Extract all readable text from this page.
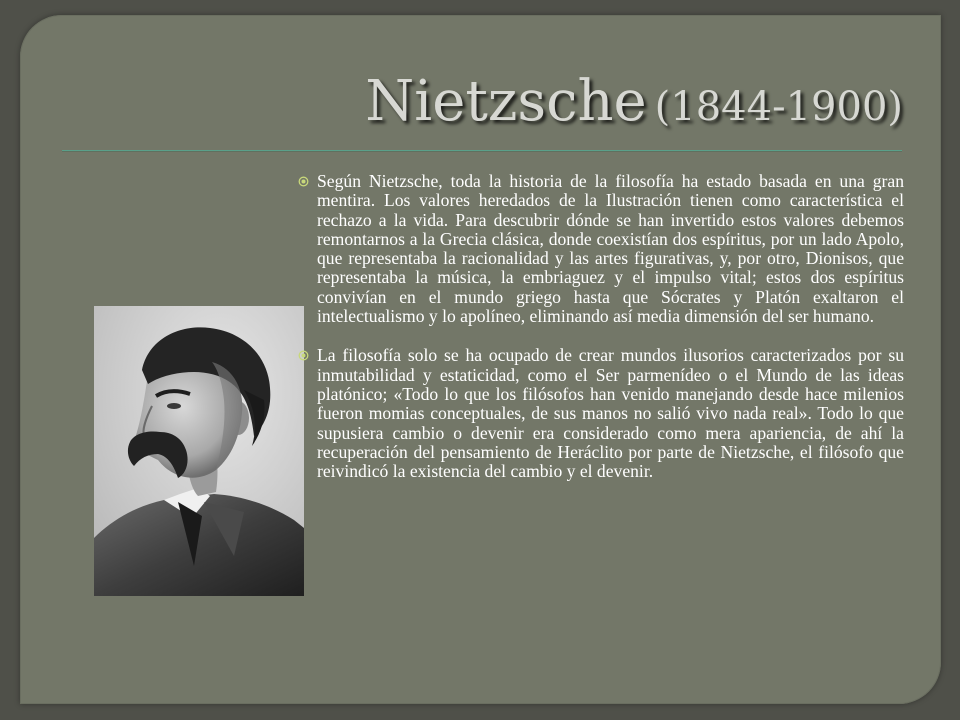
Nietzsche (1844-1900)
Según Nietzsche, toda la historia de la filosofía ha estado basada en una gran mentira. Los valores heredados de la Ilustración tienen como característica el rechazo a la vida. Para descubrir dónde se han invertido estos valores debemos remontarnos a la Grecia clásica, donde coexistían dos espíritus, por un lado Apolo, que representaba la racionalidad y las artes figurativas, y, por otro, Dionisos, que representaba la música, la embriaguez y el impulso vital; estos dos espíritus convivían en el mundo griego hasta que Sócrates y Platón exaltaron el intelectualismo y lo apolíneo, eliminando así media dimensión del ser humano.
La filosofía solo se ha ocupado de crear mundos ilusorios caracterizados por su inmutabilidad y estaticidad, como el Ser parmenídeo o el Mundo de las ideas platónico; «Todo lo que los filósofos han venido manejando desde hace milenios fueron momias conceptuales, de sus manos no salió vivo nada real». Todo lo que supusiera cambio o devenir era considerado como mera apariencia, de ahí la recuperación del pensamiento de Heráclito por parte de Nietzsche, el filósofo que reivindicó la existencia del cambio y el devenir.
